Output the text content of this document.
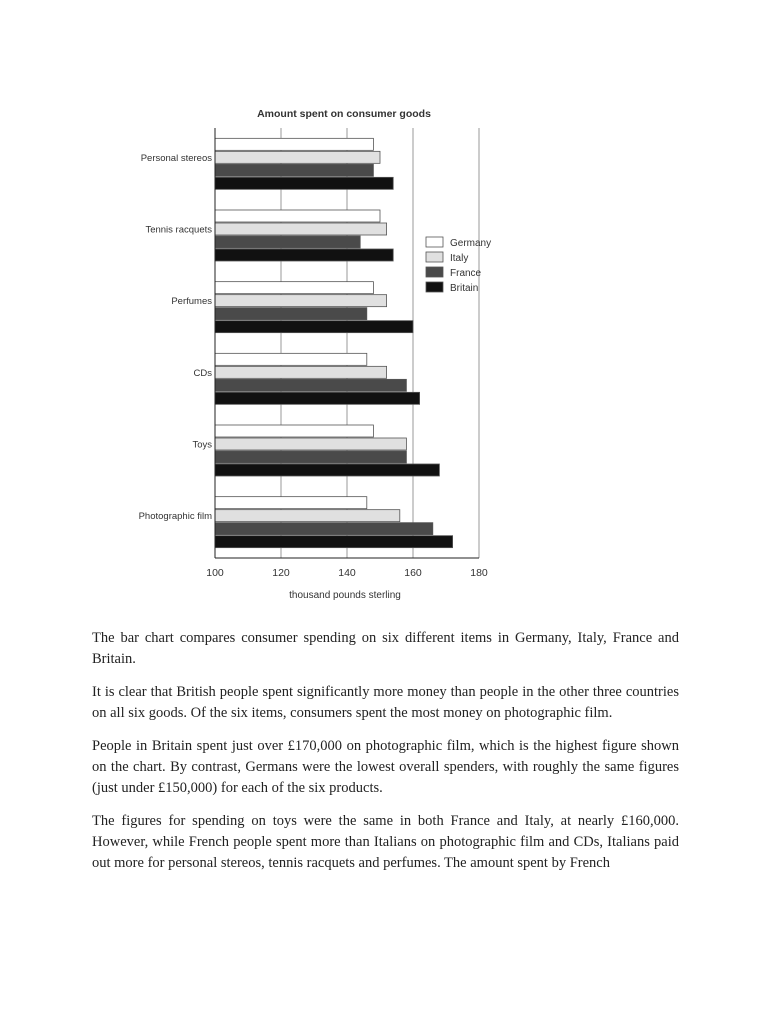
Amount spent on consumer goods
Personal stereos
Tennis racquets
Perfumes
CDs
Toys
Photographic film
100	120	140	160	180
thousand pounds sterling
Germany
Italy
France
Britain

The bar chart compares consumer spending on six different items in Germany, Italy, France and Britain.

It is clear that British people spent significantly more money than people in the other three countries on all six goods. Of the six items, consumers spent the most money on photographic film.

People in Britain spent just over £170,000 on photographic film, which is the highest figure shown on the chart. By contrast, Germans were the lowest overall spenders, with roughly the same figures (just under £150,000) for each of the six products.

The figures for spending on toys were the same in both France and Italy, at nearly £160,000. However, while French people spent more than Italians on photographic film and CDs, Italians paid out more for personal stereos, tennis racquets and perfumes. The amount spent by French
